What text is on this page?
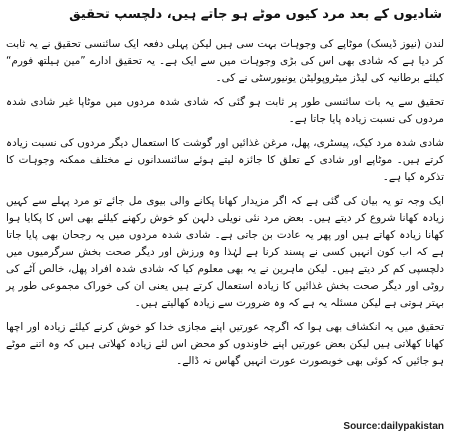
شادیوں کے بعد مرد کیوں موٹے ہو جاتے ہیں، دلچسپ تحقیق

لندن (نیوز ڈیسک) موٹاپے کی وجوہات بہت سی ہیں لیکن پہلی دفعہ ایک سائنسی تحقیق نے یہ ثابت کر دیا ہے کہ شادی بھی اس کی بڑی وجوہات میں سے ایک ہے۔ یہ تحقیق ادارے ”مین ہیلتھ فورم“ کیلئے برطانیہ کی لیڈز میٹروپولیٹن یونیورسٹی نے کی۔

تحقیق سے یہ بات سائنسی طور پر ثابت ہو گئی کہ شادی شدہ مردوں میں موٹاپا غیر شادی شدہ مردوں کی نسبت زیادہ پایا جاتا ہے۔

شادی شدہ مرد کیک، پیسٹری، پھل، مرغن غذائیں اور گوشت کا استعمال دیگر مردوں کی نسبت زیادہ کرتے ہیں۔ موٹاپے اور شادی کے تعلق کا جائزہ لیتے ہوئے سائنسدانوں نے مختلف ممکنہ وجوہات کا تذکرہ کیا ہے۔

ایک وجہ تو یہ بیان کی گئی ہے کہ اگر مزیدار کھانا پکانے والی بیوی مل جائے تو مرد پہلے سے کہیں زیادہ کھانا شروع کر دیتے ہیں۔ بعض مرد نئی نویلی دلہن کو خوش رکھنے کیلئے بھی اس کا پکایا ہوا کھانا زیادہ کھاتے ہیں اور پھر یہ عادت بن جاتی ہے۔ شادی شدہ مردوں میں یہ رجحان بھی پایا جاتا ہے کہ اب کون انہیں کسی نے پسند کرنا ہے لہٰذا وہ ورزش اور دیگر صحت بخش سرگرمیوں میں دلچسپی کم کر دیتے ہیں۔ لیکن ماہرین نے یہ بھی معلوم کیا کہ شادی شدہ افراد پھل، خالص آٹے کی روٹی اور دیگر صحت بخش غذائیں کا زیادہ استعمال کرتے ہیں یعنی ان کی خوراک مجموعی طور پر بہتر ہوتی ہے لیکن مسئلہ یہ ہے کہ وہ ضرورت سے زیادہ کھالیتے ہیں۔

تحقیق میں یہ انکشاف بھی ہوا کہ اگرچہ عورتیں اپنے مجازی خدا کو خوش کرنے کیلئے زیادہ اور اچھا کھانا کھلاتی ہیں لیکن بعض عورتیں اپنے خاوندوں کو محض اس لئے زیادہ کھلاتی ہیں کہ وہ اتنے موٹے ہو جائیں کہ کوئی بھی خوبصورت عورت انہیں گھاس نہ ڈالے۔

Source:dailypakistan
